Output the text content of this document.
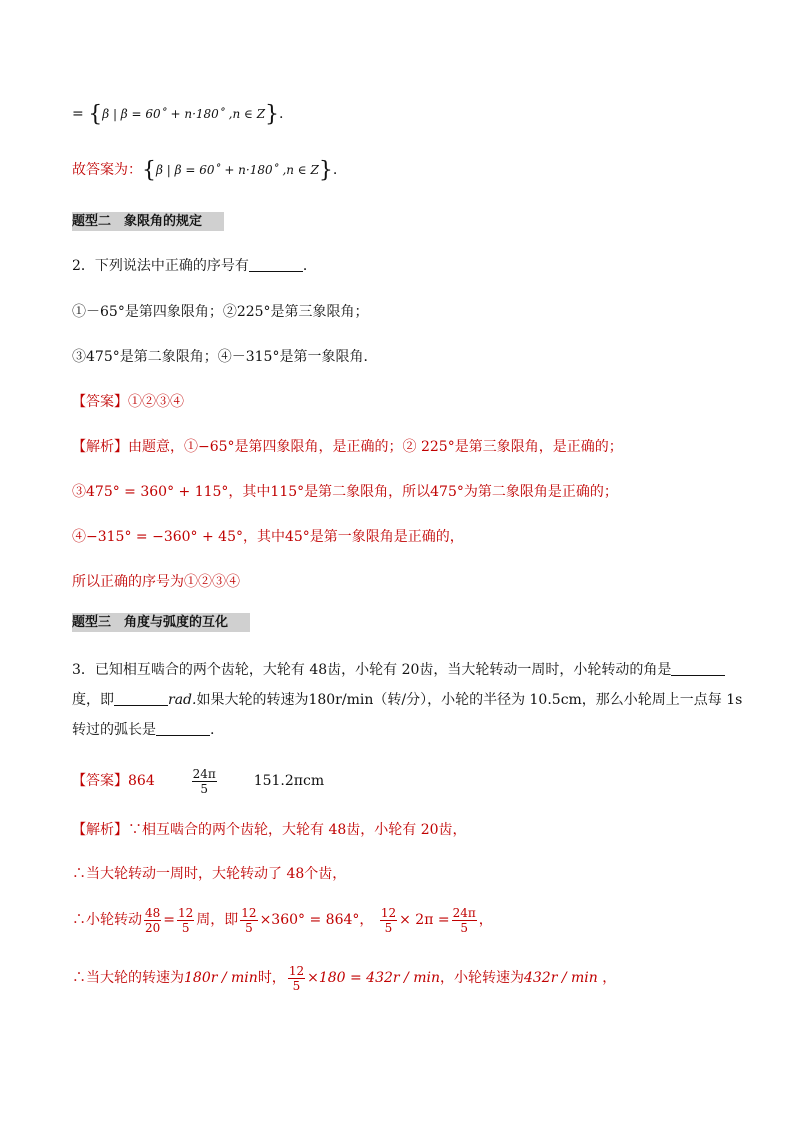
= {β | β = 60˚ + n·180˚ ,n ∈ Z}.
故答案为：{β | β = 60˚ + n·180˚ ,n ∈ Z}.
题型二　象限角的规定
2．下列说法中正确的序号有	．
①－65°是第四象限角；②225°是第三象限角；
③475°是第二象限角；④－315°是第一象限角．
【答案】①②③④
【解析】由题意，①−65°是第四象限角，是正确的；② 225°是第三象限角，是正确的；
③475° = 360° + 115°，其中115°是第二象限角，所以475°为第二象限角是正确的；
④−315° = −360° + 45°，其中45°是第一象限角是正确的，
所以正确的序号为①②③④
题型三　角度与弧度的互化
3．已知相互啮合的两个齿轮，大轮有 48齿，小轮有 20齿，当大轮转动一周时，小轮转动的角是
度，即	rad.如果大轮的转速为180r/min（转/分），小轮的半径为 10.5cm，那么小轮周上一点每 1s
转过的弧长是	.
【答案】864	$\frac{24\pi}{5}$	151.2πcm
【解析】∵相互啮合的两个齿轮，大轮有 48齿，小轮有 20齿，
∴当大轮转动一周时，大轮转动了 48个齿，
∴小轮转动 $\frac{48}{20} = \frac{12}{5}$ 周，即 $\frac{12}{5} \times 360^\circ = 864^\circ$， $\frac{12}{5} \times 2\pi = \frac{24\pi}{5}$ ，
∴当大轮的转速为180r / min时， $\frac{12}{5} \times 180 = 432r / \min$，小轮转速为432r / min ，
